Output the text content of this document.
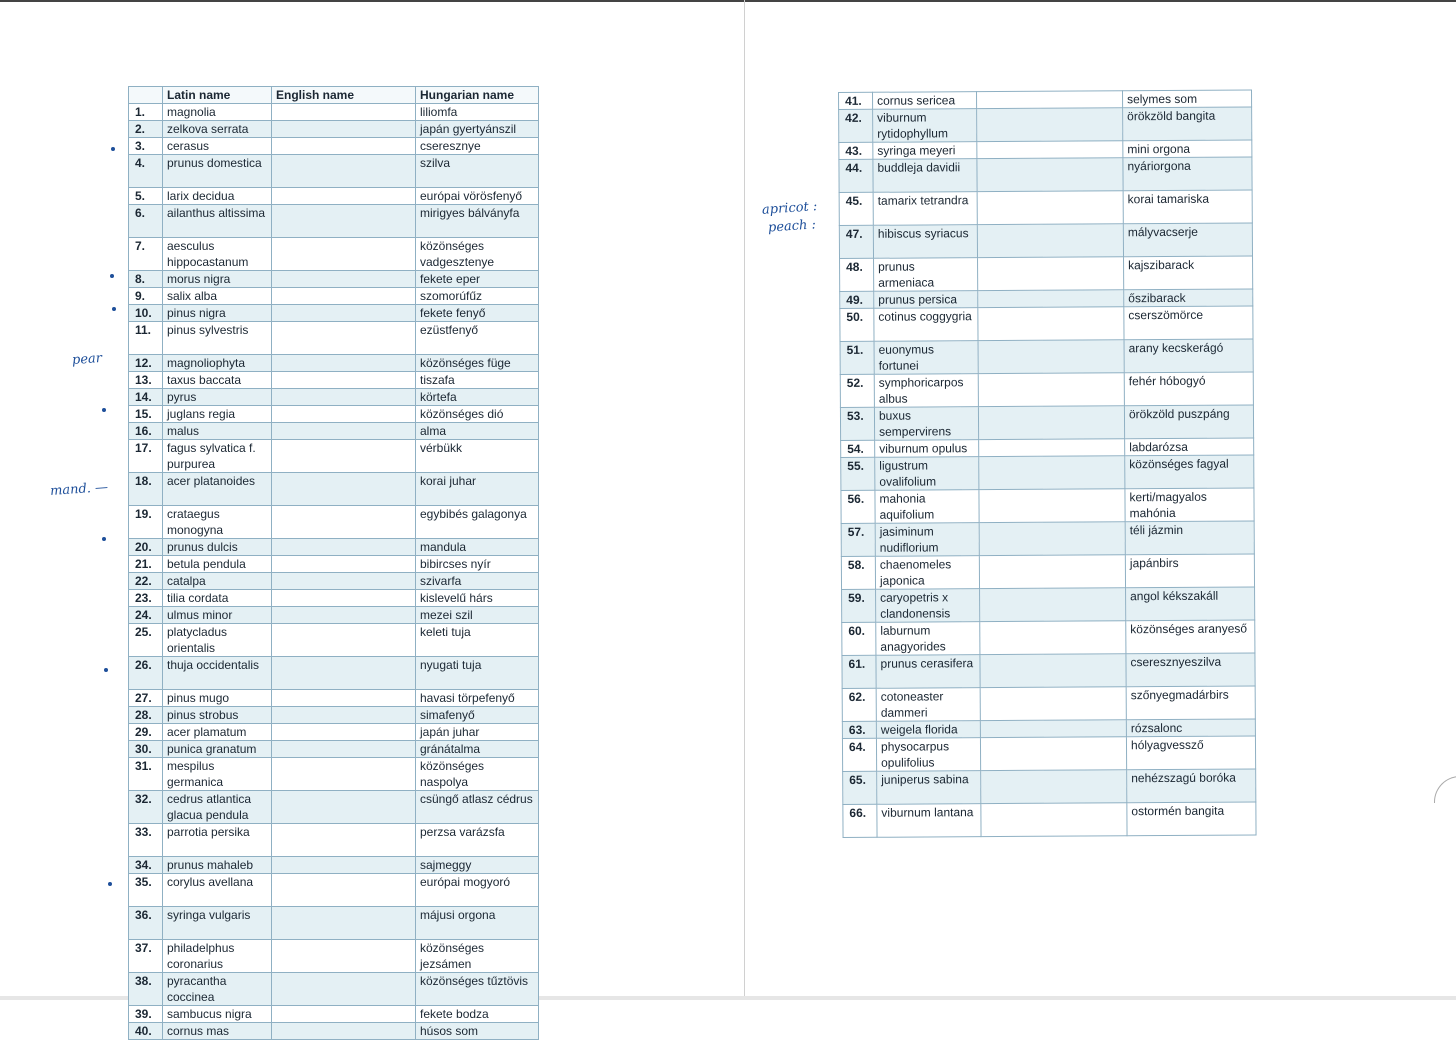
	Latin name	English name	Hungarian name
1.	magnolia		liliomfa
2.	zelkova serrata		japán gyertyánszil
3.	cerasus		cseresznye
4.	prunus domestica		szilva
5.	larix decidua		európai vörösfenyő
6.	ailanthus altissima		mirigyes bálványfa
7.	aesculus hippocastanum		közönséges vadgesztenye
8.	morus nigra		fekete eper
9.	salix alba		szomorúfűz
10.	pinus nigra		fekete fenyő
11.	pinus sylvestris		ezüstfenyő
12.	magnoliophyta		közönséges füge
13.	taxus baccata		tiszafa
14.	pyrus		körtefa
15.	juglans regia		közönséges dió
16.	malus		alma
17.	fagus sylvatica f. purpurea		vérbükk
18.	acer platanoides		korai juhar
19.	crataegus monogyna		egybibés galagonya
20.	prunus dulcis		mandula
21.	betula pendula		bibircses nyír
22.	catalpa		szivarfa
23.	tilia cordata		kislevelű hárs
24.	ulmus minor		mezei szil
25.	platycladus orientalis		keleti tuja
26.	thuja occidentalis		nyugati tuja
27.	pinus mugo		havasi törpefenyő
28.	pinus strobus		simafenyő
29.	acer plamatum		japán juhar
30.	punica granatum		gránátalma
31.	mespilus germanica		közönséges naspolya
32.	cedrus atlantica glacua pendula		csüngő atlasz cédrus
33.	parrotia persika		perzsa varázsfa
34.	prunus mahaleb		sajmeggy
35.	corylus avellana		európai mogyoró
36.	syringa vulgaris		májusi orgona
37.	philadelphus coronarius		közönséges jezsámen
38.	pyracantha coccinea		közönséges tűztövis
39.	sambucus nigra		fekete bodza
40.	cornus mas		húsos som
41.	cornus sericea		selymes som
42.	viburnum rytidophyllum		örökzöld bangita
43.	syringa meyeri		mini orgona
44.	buddleja davidii		nyáriorgona
45.	tamarix tetrandra		korai tamariska
47.	hibiscus syriacus		mályvacserje
48.	prunus armeniaca		kajszibarack
49.	prunus persica		őszibarack
50.	cotinus coggygria		cserszömörce
51.	euonymus fortunei		arany kecskerágó
52.	symphoricarpos albus		fehér hóbogyó
53.	buxus sempervirens		örökzöld puszpáng
54.	viburnum opulus		labdarózsa
55.	ligustrum ovalifolium		közönséges fagyal
56.	mahonia aquifolium		kerti/magyalos mahónia
57.	jasiminum nudiflorium		téli jázmin
58.	chaenomeles japonica		japánbirs
59.	caryopetris x clandonensis		angol kékszakáll
60.	laburnum anagyorides		közönséges aranyeső
61.	prunus cerasifera		cseresznyeszilva
62.	cotoneaster dammeri		szőnyegmadárbirs
63.	weigela florida		rózsalonc
64.	physocarpus opulifolius		hólyagvessző
65.	juniperus sabina		nehézszagú boróka
66.	viburnum lantana		ostormén bangita
pear
mand. —
apricot :
peach :
